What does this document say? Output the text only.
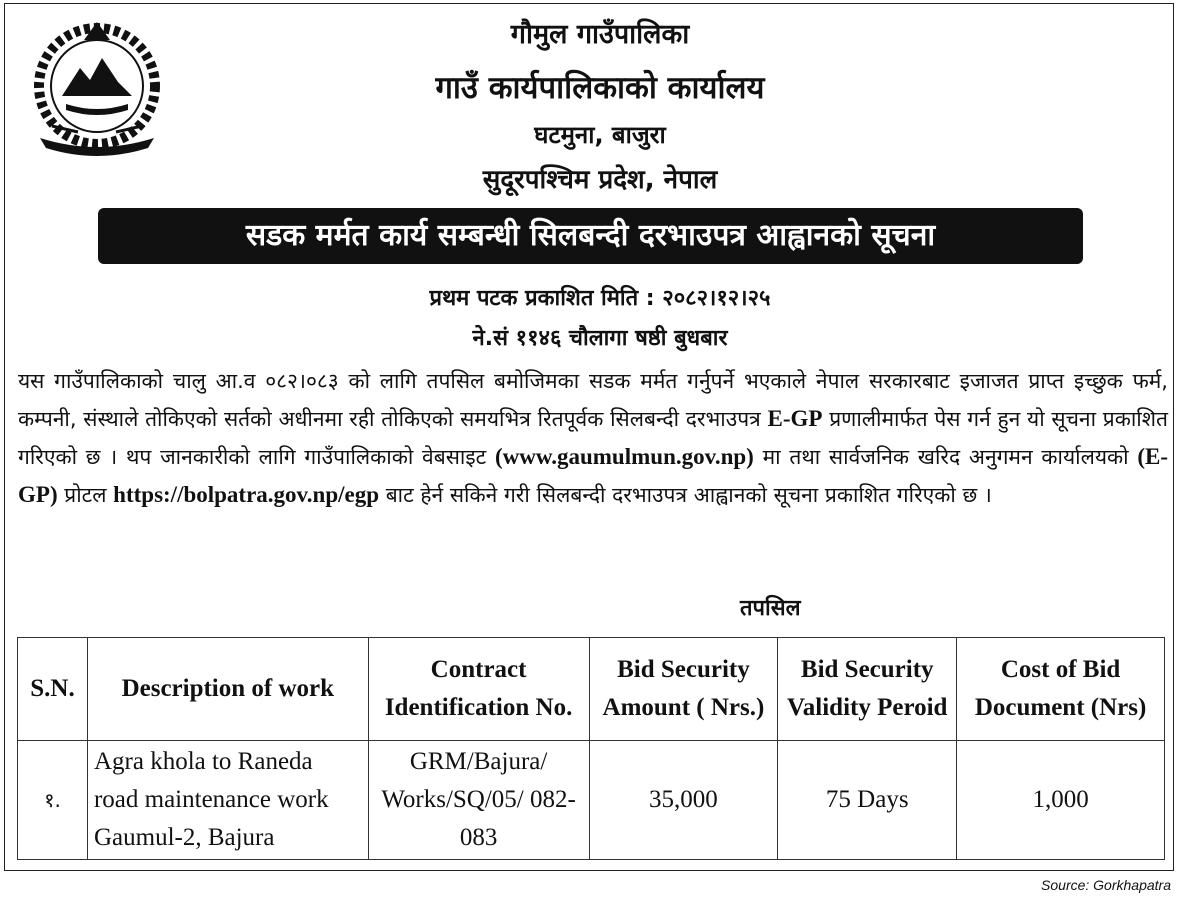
गौमुल गाउँपालिका
गाउँ कार्यपालिकाको कार्यालय
घटमुना, बाजुरा
सुदूरपश्चिम प्रदेश, नेपाल
सडक मर्मत कार्य सम्बन्धी सिलबन्दी दरभाउपत्र आह्वानको सूचना
प्रथम पटक प्रकाशित मिति : २०८२।१२।२५
ने.सं ११४६ चौलागा षष्ठी बुधबार
यस गाउँपालिकाको चालु आ.व ०८२।०८३ को लागि तपसिल बमोजिमका सडक मर्मत गर्नुपर्ने भएकाले नेपाल सरकारबाट इजाजत प्राप्त इच्छुक फर्म, कम्पनी, संस्थाले तोकिएको सर्तको अधीनमा रही तोकिएको समयभित्र रितपूर्वक सिलबन्दी दरभाउपत्र E-GP प्रणालीमार्फत पेस गर्न हुन यो सूचना प्रकाशित गरिएको छ । थप जानकारीको लागि गाउँपालिकाको वेबसाइट (www.gaumulmun.gov.np) मा तथा सार्वजनिक खरिद अनुगमन कार्यालयको (E-GP) प्रोटल https://bolpatra.gov.np/egp बाट हेर्न सकिने गरी सिलबन्दी दरभाउपत्र आह्वानको सूचना प्रकाशित गरिएको छ ।
तपसिल
S.N.	Description of work	Contract Identification No.	Bid Security Amount ( Nrs.)	Bid Security Validity Peroid	Cost of Bid Document (Nrs)
१.	Agra khola to Raneda road maintenance work Gaumul-2, Bajura	GRM/Bajura/ Works/SQ/05/ 082-083	35,000	75 Days	1,000
Source: Gorkhapatra
